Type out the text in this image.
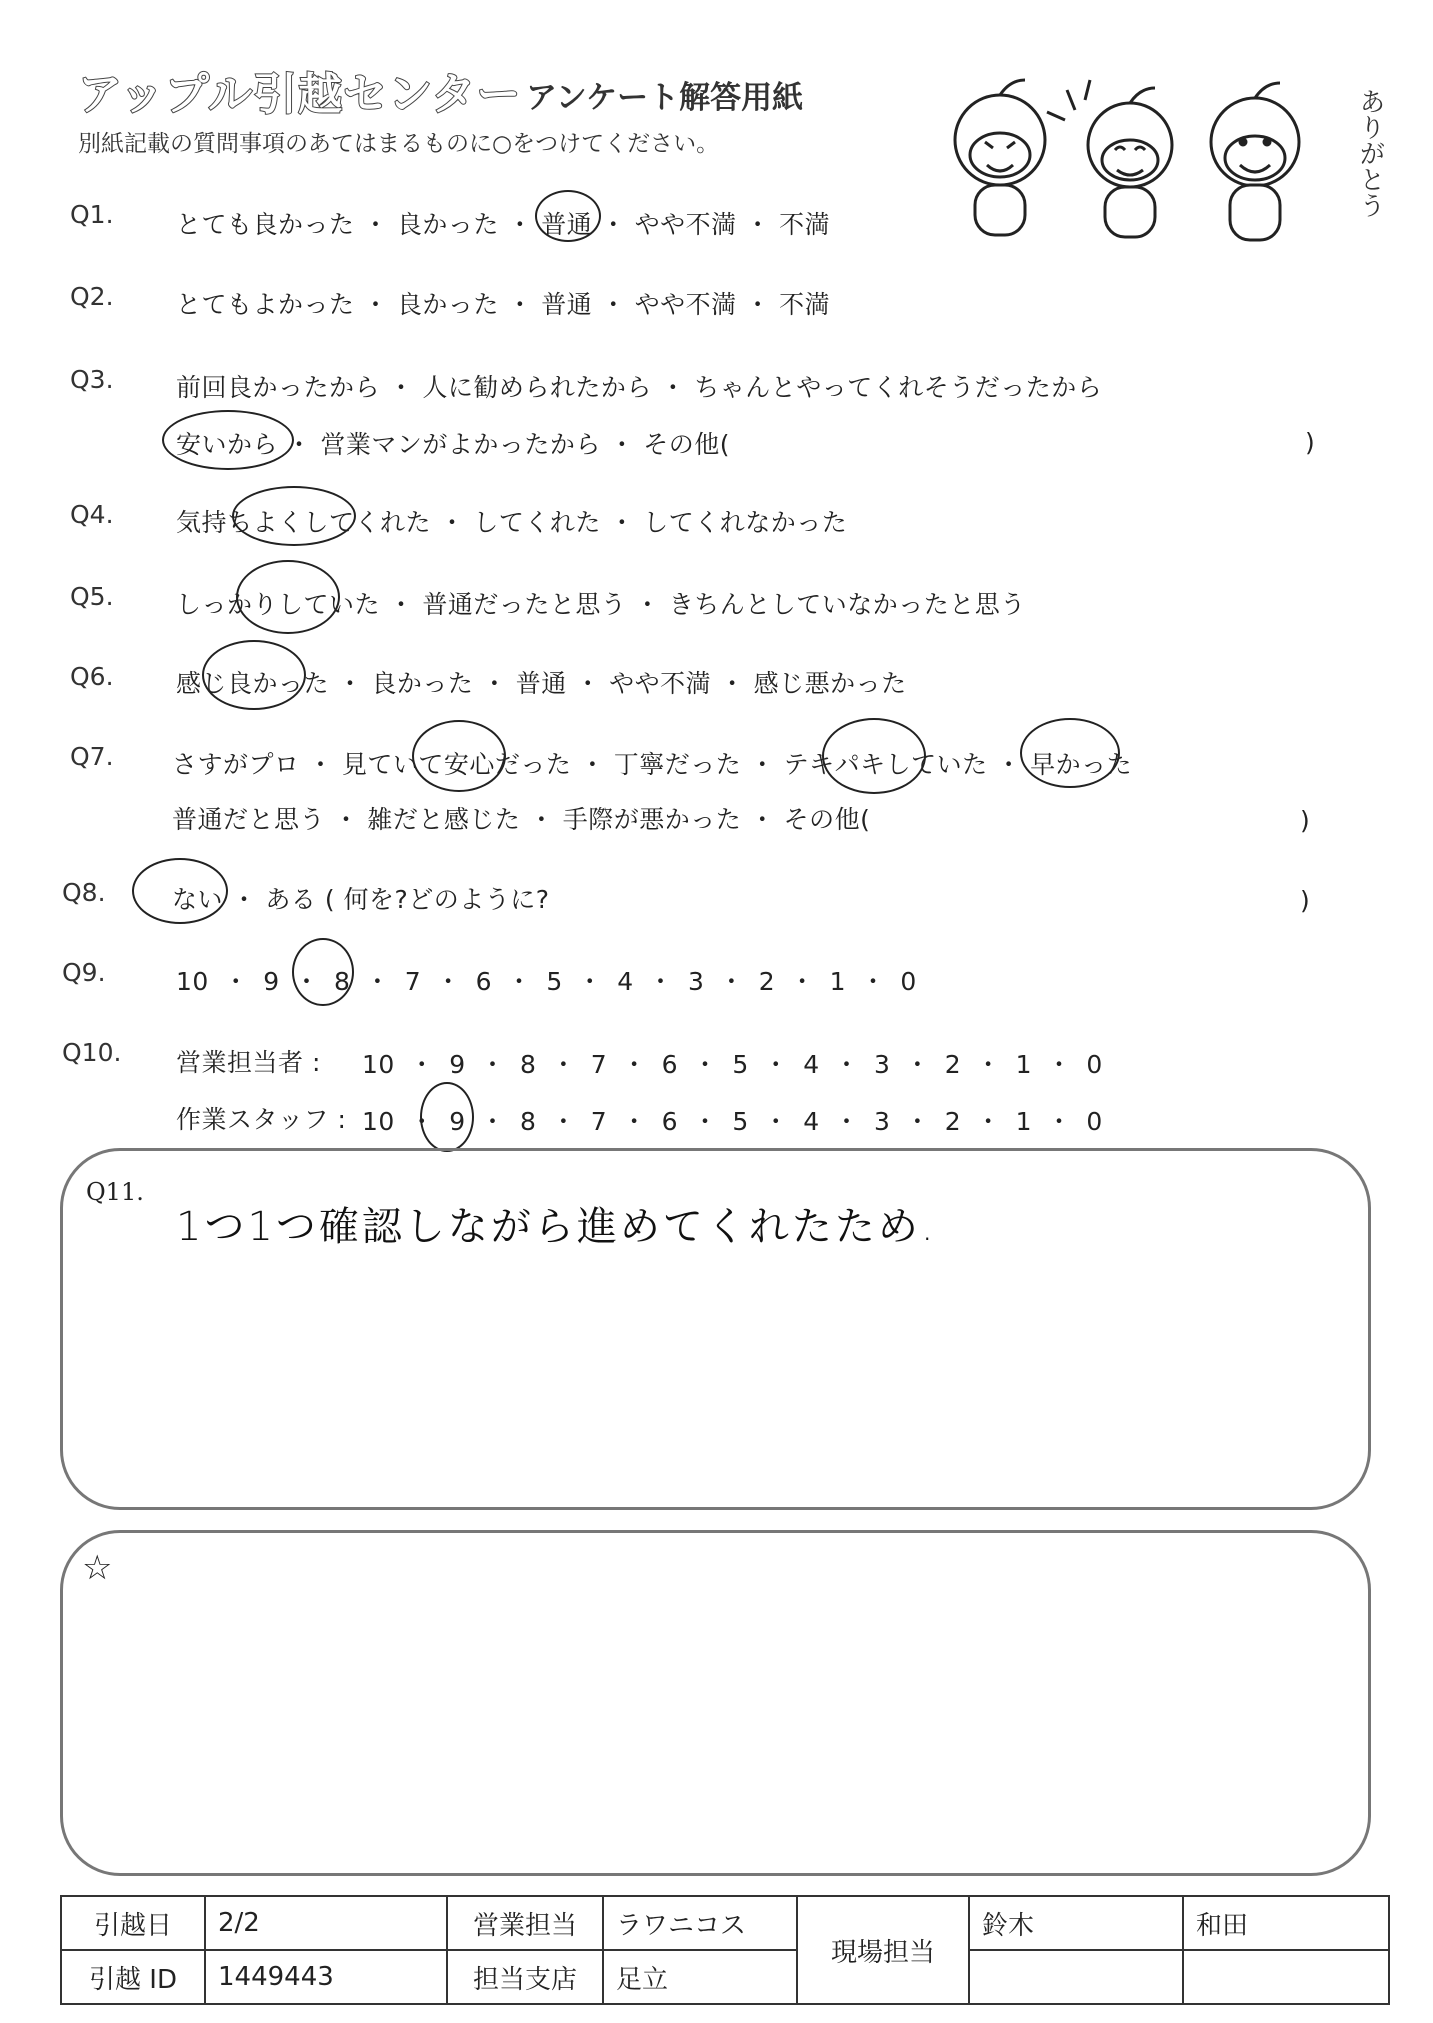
アップル引越センター アンケート解答用紙
別紙記載の質問事項のあてはまるものに○をつけてください。	ありがとう
Q1. とても良かった ・ 良かった ・ 普通 ・ やや不満 ・ 不満
Q2. とてもよかった ・ 良かった ・ 普通 ・ やや不満 ・ 不満
Q3. 前回良かったから ・ 人に勧められたから ・ ちゃんとやってくれそうだったから
安いから ・ 営業マンがよかったから ・ その他(	)
Q4. 気持ちよくしてくれた ・ してくれた ・ してくれなかった
Q5. しっかりしていた ・ 普通だったと思う ・ きちんとしていなかったと思う
Q6. 感じ良かった ・ 良かった ・ 普通 ・ やや不満 ・ 感じ悪かった
Q7. さすがプロ ・ 見ていて安心だった ・ 丁寧だった ・ テキパキしていた ・ 早かった
普通だと思う ・ 雑だと感じた ・ 手際が悪かった ・ その他(	)
Q8.	ない ・ ある ( 何を?どのように?	)
Q9.	10 ・ 9 ・ 8 ・ 7 ・ 6 ・ 5 ・ 4 ・ 3 ・ 2 ・ 1 ・ 0
Q10. 営業担当者 : 10 ・ 9 ・ 8 ・ 7 ・ 6 ・ 5 ・ 4 ・ 3 ・ 2 ・ 1 ・ 0
作業スタッフ : 10 ・ 9 ・ 8 ・ 7 ・ 6 ・ 5 ・ 4 ・ 3 ・ 2 ・ 1 ・ 0
Q11.
1つ1つ確認しながら進めてくれたため.
☆
引越日	2/2	営業担当	ラワニコス	現場担当	鈴木	和田
引越 ID	1449443	担当支店	足立			
